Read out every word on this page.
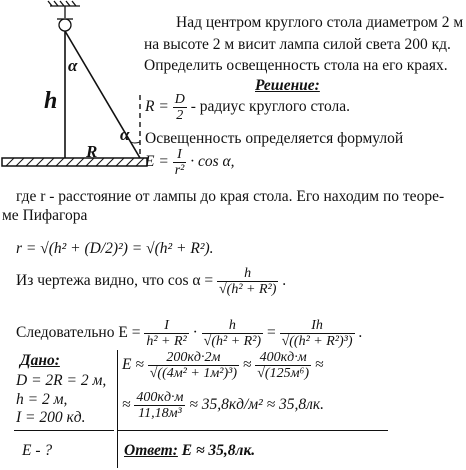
α
h
R
α
Над центром круглого стола диаметром 2 м
на высоте 2 м висит лампа силой света 200 кд.
Определить освещенность стола на его краях.
Решение:
$R = \frac{D}{2}$ - радиус круглого стола.
Освещенность определяется формулой
$E = \frac{I}{\text{r²}} \cdot \cos \alpha$,
где r - расстояние от лампы до края стола. Его находим по теоре-
ме Пифагора
r = √(h² + (D/2)²) = √(h² + R²).
Из чертежа видно, что $\cos \alpha = \frac{h}{\text{√(h² + R²)}}$ .
Следовательно $E = \frac{I}{\text{h² + R²}} \cdot \frac{h}{\text{√(h² + R²)}} = \frac{Ih}{\text{√((h² + R²)³)}}$ .
Дано:
D = 2R = 2 м,
h = 2 м,
I = 200 кд.
E - ?
$E \approx \frac{200кд\cdot 2м}{\text{√((4м² + 1м²)³)}} \approx \frac{400кд\cdot м}{\text{√(125м⁶)}}$ ≈
≈ $\frac{400кд\cdot м}{\text{11,18м³}} \approx 35,8кд/м^2 \approx 35,8лк$.
Ответ: E ≈ 35,8лк.
